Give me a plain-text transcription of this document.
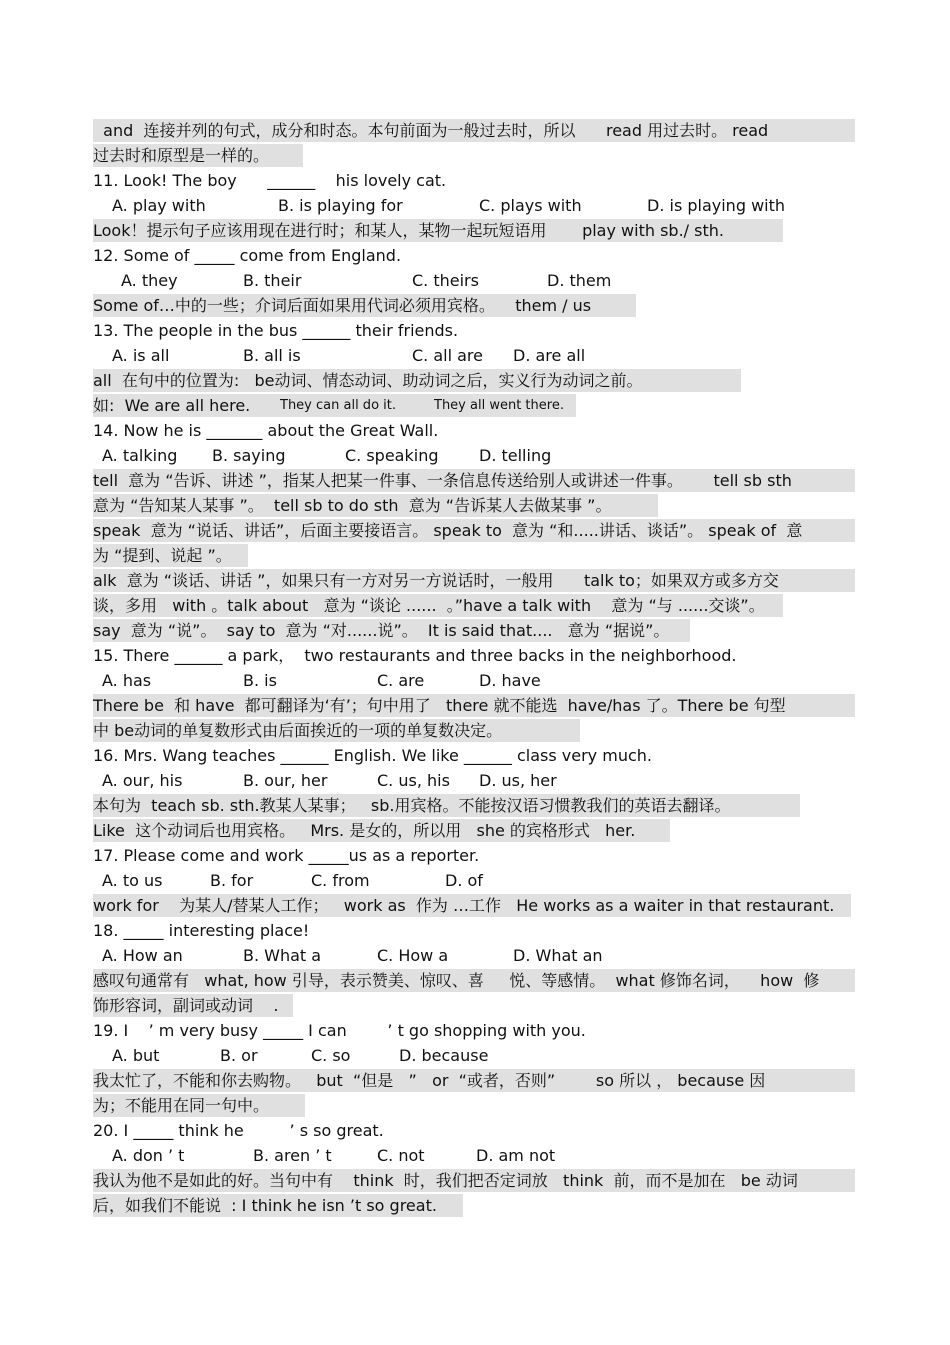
and  连接并列的句式，成分和时态。本句前面为一般过去时，所以      read 用过去时。 read
过去时和原型是一样的。
11. Look! The boy      ______    his lovely cat.

A. play with

	B. is playing for

	C. plays with

	D. is playing with

Look！提示句子应该用现在进行时；和某人，某物一起玩短语用       play with sb./ sth.
12. Some of _____ come from England.

A. they

	B. their

	C. theirs

	D. them

Some of…中的一些；介词后面如果用代词必须用宾格。    them / us
13. The people in the bus ______ their friends.

A. is all

	B. all is

	C. all are

D. are all

all  在句中的位置为:   be动词、情态动词、助动词之后，实义行为动词之前。

如:  We are all here.

They can all do it.

	They all went there.

14. Now he is _______ about the Great Wall.

A. talking

B. saying

	C. speaking

	D. telling

tell  意为 “告诉、讲述 ”，指某人把某一件事、一条信息传送给别人或讲述一件事。      tell sb sth
意为 “告知某人某事 ”。  tell sb to do sth  意为 “告诉某人去做某事 ”。
speak  意为 “说话、讲话”，后面主要接语言。 speak to  意为 “和.....讲话、谈话”。 speak of  意
为 “提到、说起 ”。
alk  意为 “谈话、讲话 ”，如果只有一方对另一方说话时，一般用      talk to；如果双方或多方交
谈，多用   with 。talk about   意为 “谈论 ......  。”have a talk with    意为 “与 ......交谈”。
say  意为 “说”。  say to  意为 “对......说”。  It is said that....   意为 “据说”。
15. There ______ a park，  two restaurants and three backs in the neighborhood.

A. has

	B. is

	C. are

	D. have

There be  和 have  都可翻译为‘有’；句中用了   there 就不能选  have/has 了。There be 句型
中 be动词的单复数形式由后面挨近的一项的单复数决定。
16. Mrs. Wang teaches ______ English. We like ______ class very much.

A. our, his

	B. our, her

	C. us, his

D. us, her

本句为  teach sb. sth.教某人某事；   sb.用宾格。不能按汉语习惯教我们的英语去翻译。
Like  这个动词后也用宾格。   Mrs. 是女的，所以用   she 的宾格形式   her.
17. Please come and work _____us as a reporter.

A. to us

	B. for

	C. from

	D. of

work for    为某人/替某人工作；   work as  作为 …工作   He works as a waiter in that restaurant.
18. _____ interesting place!

A. How an

	B. What a

	C. How a

	D. What an

感叹句通常有   what, how 引导，表示赞美、惊叹、喜     悦、等感情。  what 修饰名词，    how  修
饰形容词，副词或动词    .
19. I    ’ m very busy _____ I can        ’ t go shopping with you.

A. but

	B. or

	C. so

	D. because

我太忙了，不能和你去购物。   but  “但是   ”   or  “或者，否则”        so 所以 ， because 因
为；不能用在同一句中。
20. I _____ think he         ’ s so great.

A. don ’ t

	B. aren ’ t

	C. not

	D. am not

我认为他不是如此的好。当句中有    think  时，我们把否定词放   think  前，而不是加在   be 动词
后，如我们不能说  : I think he isn ’t so great.
